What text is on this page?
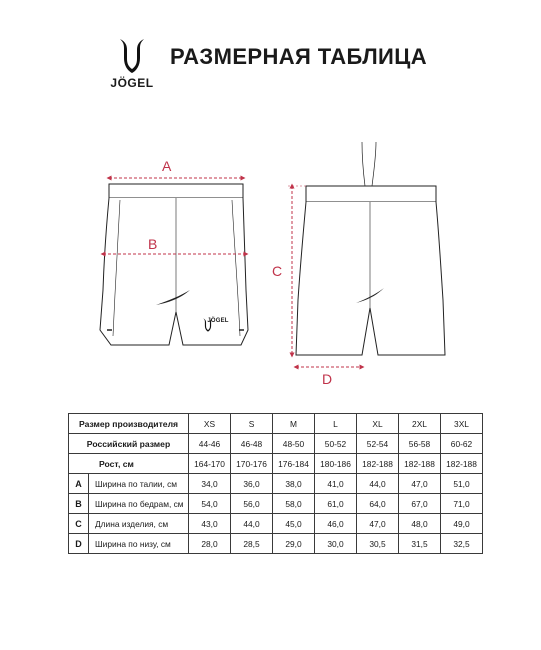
JÖGEL
РАЗМЕРНАЯ ТАБЛИЦА
A
B
C
D
JÖGEL
Размер производителя		XS	S	M	L	XL	2XL	3XL
Российский размер		44-46	46-48	48-50	50-52	52-54	56-58	60-62
Рост, см		164-170	170-176	176-184	180-186	182-188	182-188	182-188
A	Ширина по талии, см	34,0	36,0	38,0	41,0	44,0	47,0	51,0
B	Ширина по бедрам, см	54,0	56,0	58,0	61,0	64,0	67,0	71,0
C	Длина изделия, см	43,0	44,0	45,0	46,0	47,0	48,0	49,0
D	Ширина по низу, см	28,0	28,5	29,0	30,0	30,5	31,5	32,5
